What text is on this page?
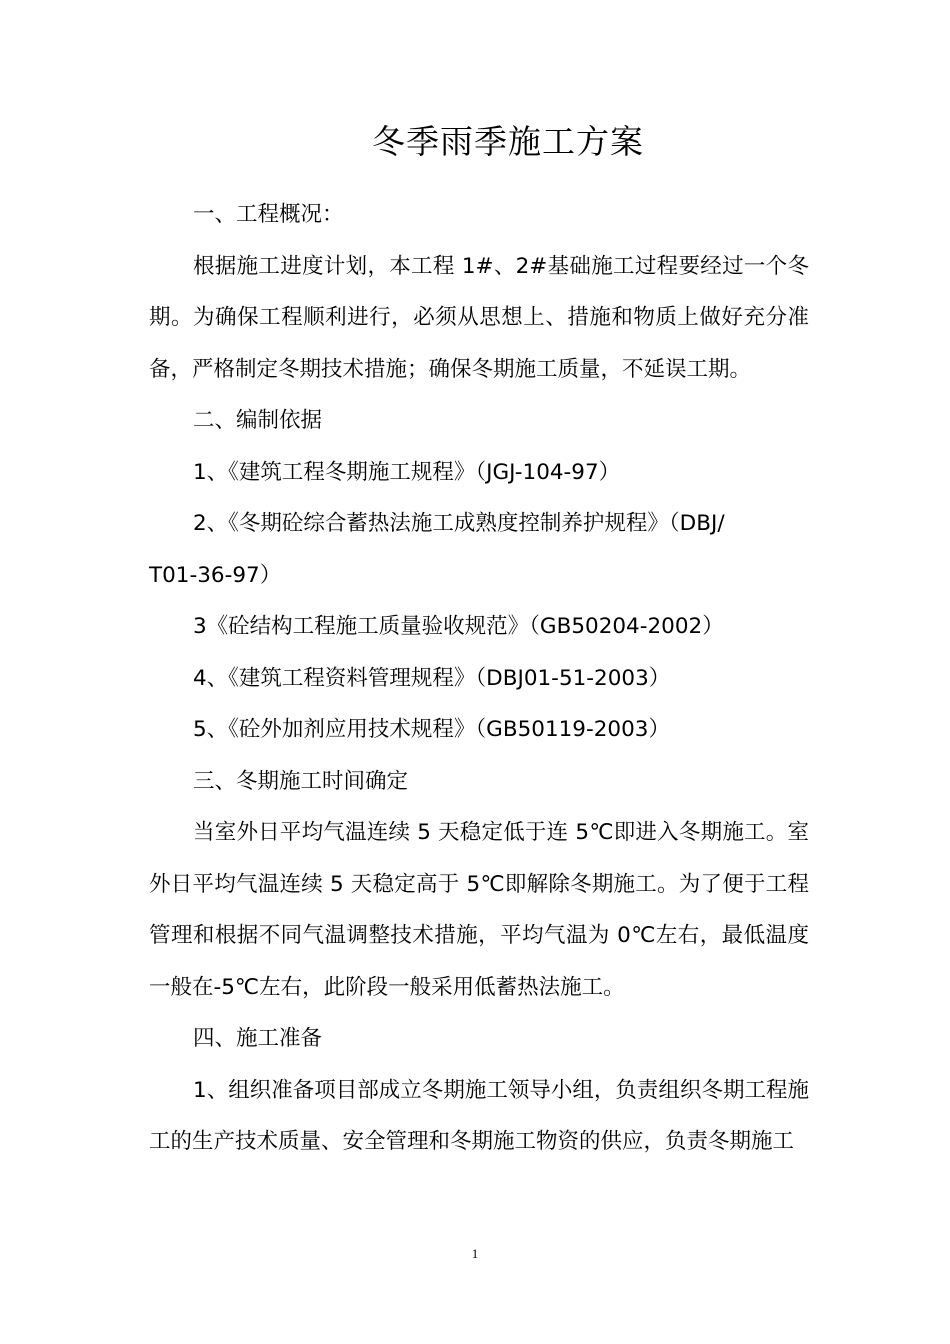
冬季雨季施工方案

一、工程概况：

根据施工进度计划，本工程 1#、2#基础施工过程要经过一个冬期。为确保工程顺利进行，必须从思想上、措施和物质上做好充分准备，严格制定冬期技术措施；确保冬期施工质量，不延误工期。

二、编制依据

1、《建筑工程冬期施工规程》（JGJ-104-97）

2、《冬期砼综合蓄热法施工成熟度控制养护规程》（DBJ/

T01-36-97）

3《砼结构工程施工质量验收规范》（GB50204-2002）

4、《建筑工程资料管理规程》（DBJ01-51-2003）

5、《砼外加剂应用技术规程》（GB50119-2003）

三、冬期施工时间确定

当室外日平均气温连续 5 天稳定低于连 5℃即进入冬期施工。室外日平均气温连续 5 天稳定高于 5℃即解除冬期施工。为了便于工程管理和根据不同气温调整技术措施，平均气温为 0℃左右，最低温度一般在-5℃左右，此阶段一般采用低蓄热法施工。

四、施工准备

1、组织准备项目部成立冬期施工领导小组，负责组织冬期工程施工的生产技术质量、安全管理和冬期施工物资的供应，负责冬期施工

1
